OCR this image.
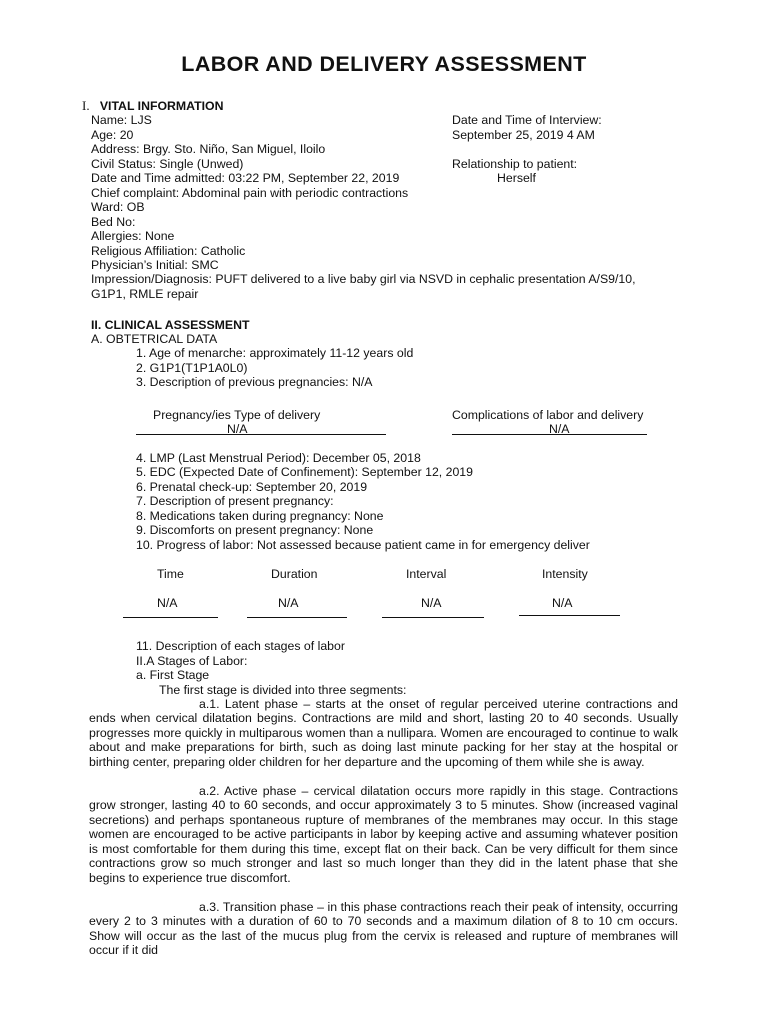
LABOR AND DELIVERY ASSESSMENT

I. VITAL INFORMATION

Name: LJS

Age: 20

Address: Brgy. Sto. Niño, San Miguel, Iloilo

Civil Status: Single (Unwed)

Date and Time admitted: 03:22 PM, September 22, 2019

Chief complaint: Abdominal pain with periodic contractions

Ward: OB

Bed No:

Allergies: None

Religious Affiliation: Catholic

Physician’s Initial: SMC

Impression/Diagnosis: PUFT delivered to a live baby girl via NSVD in cephalic presentation A/S9/10,

G1P1, RMLE repair

Date and Time of Interview:

September 25, 2019 4 AM

Relationship to patient:

Herself

II. CLINICAL ASSESSMENT

A. OBTETRICAL DATA

1. Age of menarche: approximately 11-12 years old

2. G1P1(T1P1A0L0)

3. Description of previous pregnancies: N/A

Pregnancy/ies Type of delivery	Complications of labor and delivery

N/A	N/A

4. LMP (Last Menstrual Period): December 05, 2018

5. EDC (Expected Date of Confinement): September 12, 2019

6. Prenatal check-up: September 20, 2019

7. Description of present pregnancy:

8. Medications taken during pregnancy: None

9. Discomforts on present pregnancy: None

10. Progress of labor: Not assessed because patient came in for emergency deliver

Time	Duration	Interval	Intensity

N/A	N/A	N/A	N/A

11. Description of each stages of labor

II.A Stages of Labor:

a. First Stage

The first stage is divided into three segments:

a.1. Latent phase – starts at the onset of regular perceived uterine contractions and ends when cervical dilatation begins. Contractions are mild and short, lasting 20 to 40 seconds. Usually progresses more quickly in multiparous women than a nullipara. Women are encouraged to continue to walk about and make preparations for birth, such as doing last minute packing for her stay at the hospital or birthing center, preparing older children for her departure and the upcoming of them while she is away.

a.2. Active phase – cervical dilatation occurs more rapidly in this stage. Contractions grow stronger, lasting 40 to 60 seconds, and occur approximately 3 to 5 minutes. Show (increased vaginal secretions) and perhaps spontaneous rupture of membranes of the membranes may occur. In this stage women are encouraged to be active participants in labor by keeping active and assuming whatever position is most comfortable for them during this time, except flat on their back. Can be very difficult for them since contractions grow so much stronger and last so much longer than they did in the latent phase that she begins to experience true discomfort.

a.3. Transition phase – in this phase contractions reach their peak of intensity, occurring every 2 to 3 minutes with a duration of 60 to 70 seconds and a maximum dilation of 8 to 10 cm occurs. Show will occur as the last of the mucus plug from the cervix is released and rupture of membranes will occur if it did
